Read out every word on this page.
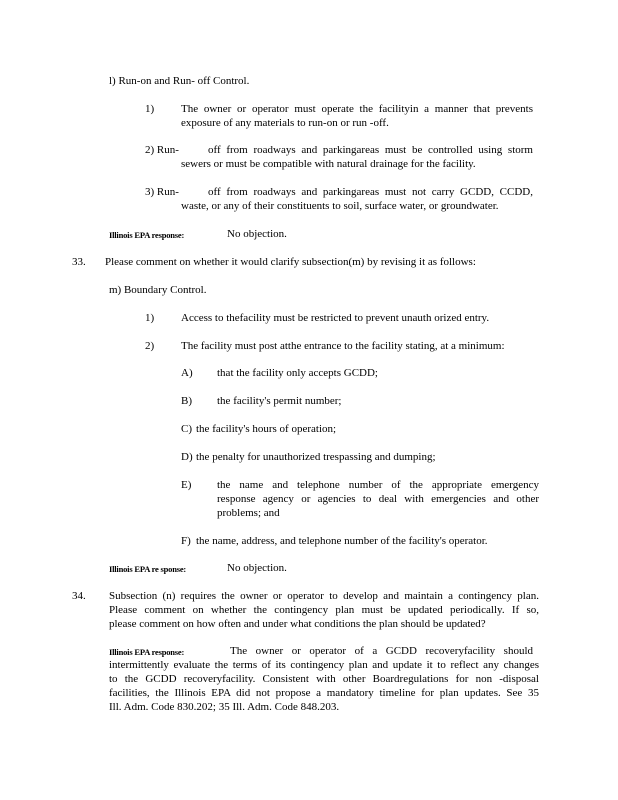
l) Run-on and Run- off Control.
1) The owner or operator must operate the facilityin a manner that prevents
exposure of any materials to run-on or run -off.
2) Run-	off from roadways and parkingareas must be controlled using storm
sewers or must be compatible with natural drainage for the facility.
3) Run-	off from roadways and parkingareas must not carry GCDD, CCDD,
waste, or any of their constituents to soil, surface water, or groundwater.
Illinois EPA response:	No objection.
33. Please comment on whether it would clarify subsection(m) by revising it as follows:
m) Boundary Control.
1) Access to thefacility must be restricted to prevent unauth orized entry.
2) The facility must post atthe entrance to the facility stating, at a minimum:
A) that the facility only accepts GCDD;
B) the facility's permit number;
C) the facility's hours of operation;
D) the penalty for unauthorized trespassing and dumping;
E) the name and telephone number of the appropriate emergency
response agency or agencies to deal with emergencies and other
problems; and
F) the name, address, and telephone number of the facility's operator.
Illinois EPA re sponse:	No objection.
34. Subsection (n) requires the owner or operator to develop and maintain a contingency plan.
Please comment on whether the contingency plan must be updated periodically. If so,
please comment on how often and under what conditions the plan should be updated?
Illinois EPA response:	The owner or operator of a GCDD recoveryfacility should
intermittently evaluate the terms of its contingency plan and update it to reflect any changes
to the GCDD recoveryfacility. Consistent with other Boardregulations for non -disposal
facilities, the Illinois EPA did not propose a mandatory timeline for plan updates. See 35
Ill. Adm. Code 830.202; 35 Ill. Adm. Code 848.203.
